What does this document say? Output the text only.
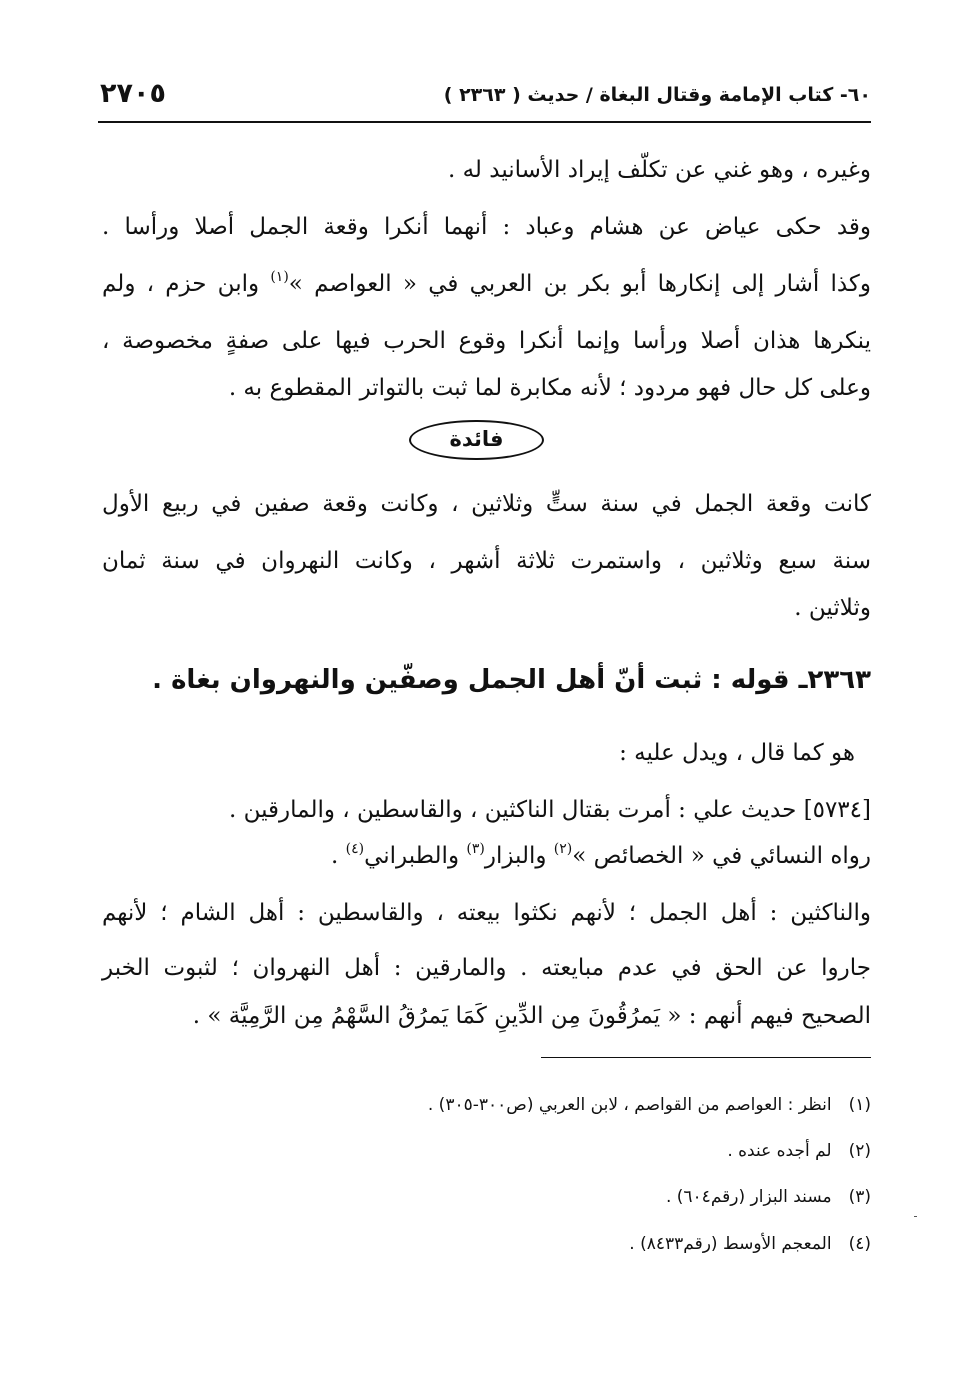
٦٠- كتاب الإمامة وقتال البغاة / حديث ( ٢٣٦٣ )
٢٧٠٥
وغيره ، وهو غني عن تكلّف إيراد الأسانيد له .
وقد حكى عياض عن هشام وعباد : أنهما أنكرا وقعة الجمل أصلا ورأسا .
وكذا أشار إلى إنكارها أبو بكر بن العربي في « العواصم »$^{(١)}$ وابن حزم ، ولم
ينكرها هذان أصلا ورأسا وإنما أنكرا وقوع الحرب فيها على صفةٍ مخصوصة ،
وعلى كل حال فهو مردود ؛ لأنه مكابرة لما ثبت بالتواتر المقطوع به .
فائدة
كانت وقعة الجمل في سنة ستٍّ وثلاثين ، وكانت وقعة صفين في ربيع الأول
سنة سبع وثلاثين ، واستمرت ثلاثة أشهر ، وكانت النهروان في سنة ثمان
وثلاثين .
٢٣٦٣ـ قوله : ثبت أنّ أهل الجمل وصفّين والنهروان بغاة .
هو كما قال ، ويدل عليه :
[٥٧٣٤] حديث علي : أمرت بقتال الناكثين ، والقاسطين ، والمارقين .
رواه النسائي في « الخصائص »$^{(٢)}$ والبزار$^{(٣)}$ والطبراني$^{(٤)}$ .
والناكثين : أهل الجمل ؛ لأنهم نكثوا بيعته ، والقاسطين : أهل الشام ؛ لأنهم
جاروا عن الحق في عدم مبايعته . والمارقين : أهل النهروان ؛ لثبوت الخبر
الصحيح فيهم أنهم : « يَمرُقُونَ مِن الدِّينِ كَمَا يَمرُقُ السَّهْمُ مِن الرَّمِيَّة » .
(١) انظر : العواصم من القواصم ، لابن العربي (ص٣٠٠-٣٠٥) .
(٢) لم أجده عنده .
(٣) مسند البزار (رقم٦٠٤) .
(٤) المعجم الأوسط (رقم٨٤٣٣) .
